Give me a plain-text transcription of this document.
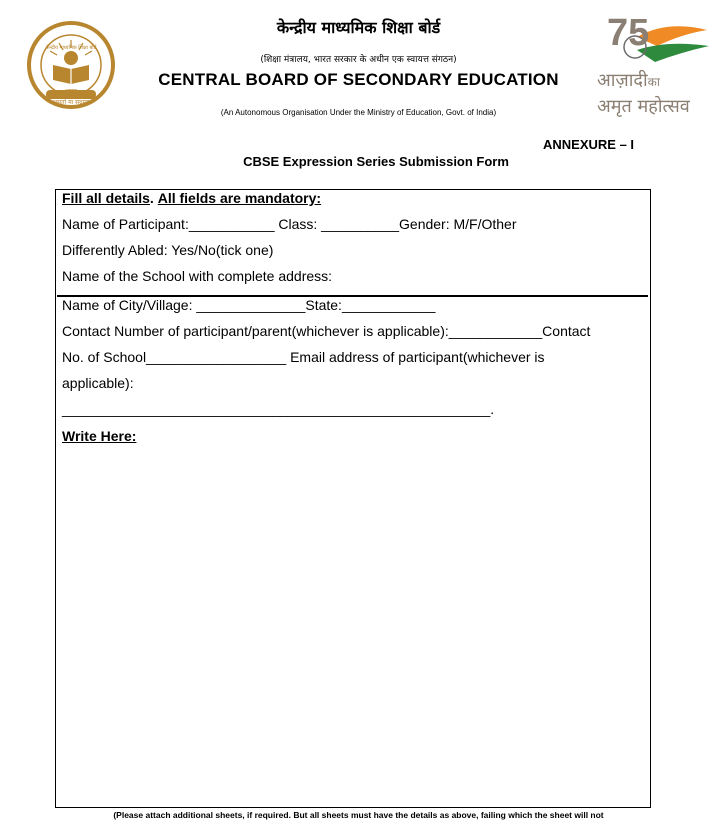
केन्द्रीय माध्यमिक शिक्षा बोर्ड
भारत
असतो मा सद्गमय
75
आज़ादीका
अमृत महोत्सव
केन्द्रीय माध्यमिक शिक्षा बोर्ड
(शिक्षा मंत्रालय, भारत सरकार के अधीन एक स्वायत्त संगठन)
CENTRAL BOARD OF SECONDARY EDUCATION
(An Autonomous Organisation Under the Ministry of Education, Govt. of India)
ANNEXURE – I
CBSE Expression Series Submission Form
Fill all details. All fields are mandatory:
Name of Participant:___________ Class: __________Gender: M/F/Other
Differently Abled: Yes/No(tick one)
Name of the School with complete address:
Name of City/Village: ______________State:____________
Contact Number of participant/parent(whichever is applicable):____________Contact
No. of School__________________ Email address of participant(whichever is
applicable):
_______________________________________________________.
Write Here:
(Please attach additional sheets, if required. But all sheets must have the details as above, failing which the sheet will not
